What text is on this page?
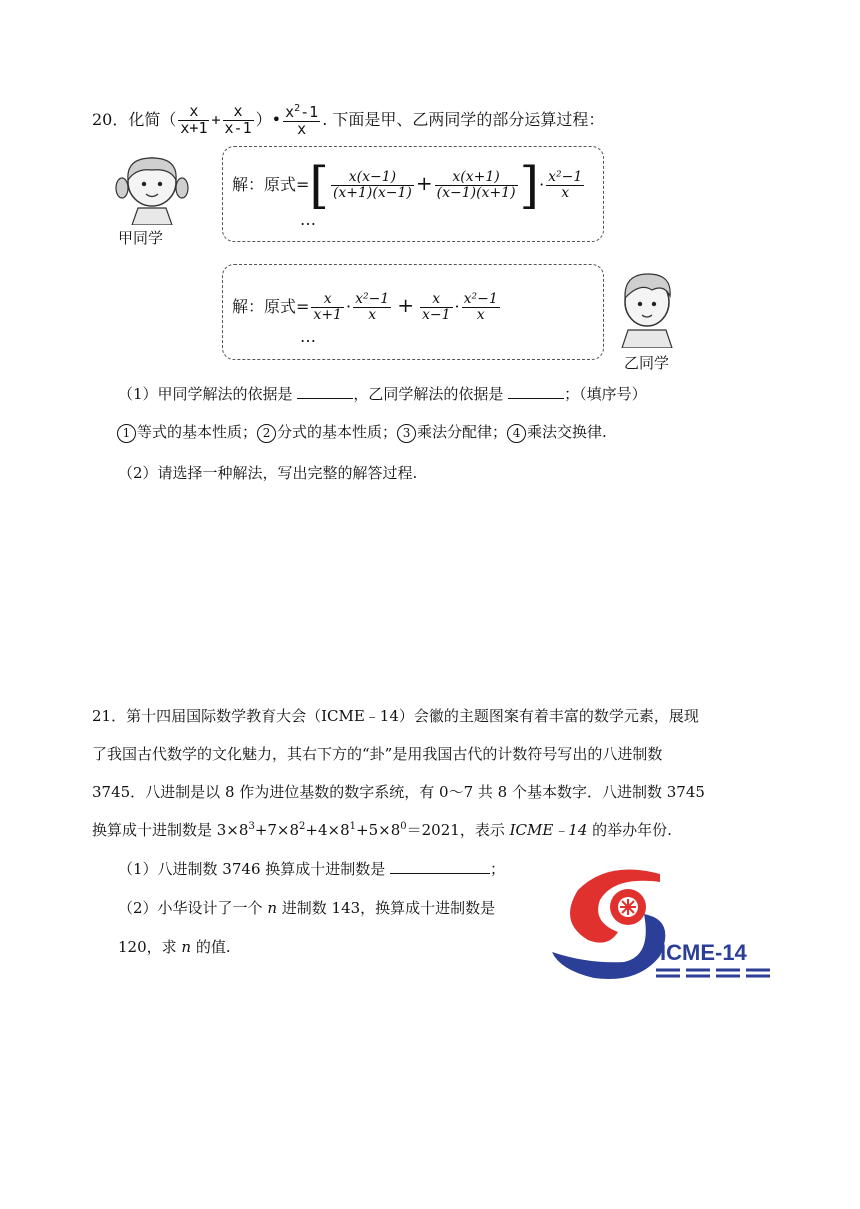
20．化简（ $\frac{x}{x+1} + \frac{x}{x-1}$ ）• $\frac{x^2-1}{x}$ . 下面是甲、乙两同学的部分运算过程：
甲同学
解：原式=[ $\frac{x(x-1)}{(x+1)(x-1)} + \frac{x(x+1)}{(x-1)(x+1)}$ ]· $\frac{\text{x²−1}}{x}$
…
解：原式= $\frac{x}{x+1} \cdot \frac{\text{x²−1}}{x} + \frac{x}{x-1} \cdot \frac{\text{x²−1}}{x}$
…
乙同学
（1）甲同学解法的依据是	，乙同学解法的依据是	；（填序号）
1 等式的基本性质； 2 分式的基本性质； 3 乘法分配律； 4 乘法交换律.
（2）请选择一种解法，写出完整的解答过程.
21．第十四届国际数学教育大会（ICME﹣14）会徽的主题图案有着丰富的数学元素，展现
了我国古代数学的文化魅力，其右下方的“卦”是用我国古代的计数符号写出的八进制数
3745．八进制是以 8 作为进位基数的数字系统，有 0～7 共 8 个基本数字．八进制数 3745
换算成十进制数是 $3\times 8^3+7\times 8^2+4\times 8^1+5\times 8^0=2021$，表示 ICME﹣14 的举办年份.
（1）八进制数 3746 换算成十进制数是	；
（2）小华设计了一个 n 进制数 143，换算成十进制数是
120，求 n 的值.	ICME-14
